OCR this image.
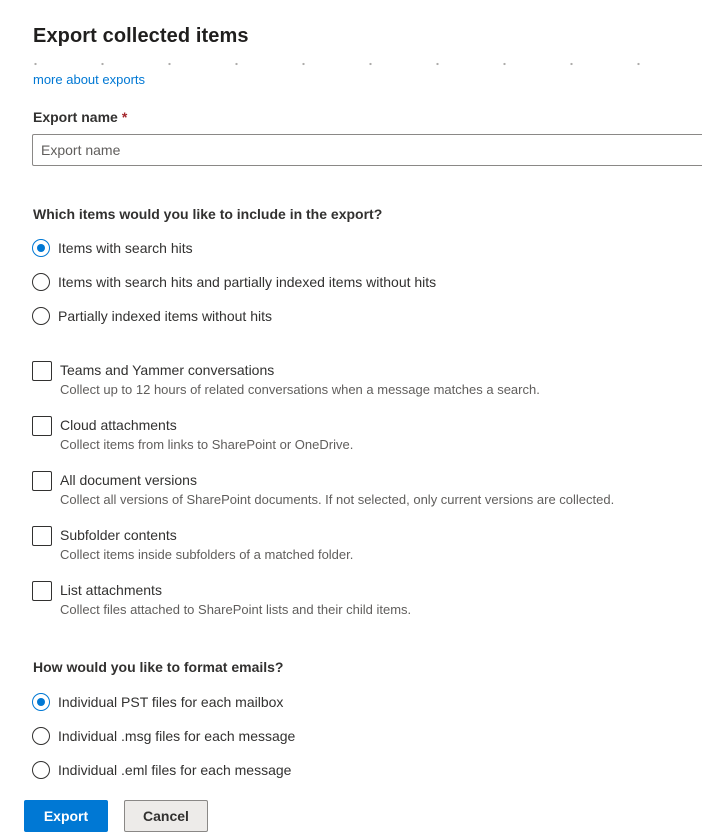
Export collected items
more about exports
Export name *
Export name
Which items would you like to include in the export?
Items with search hits
Items with search hits and partially indexed items without hits
Partially indexed items without hits
Teams and Yammer conversations
Collect up to 12 hours of related conversations when a message matches a search.
Cloud attachments
Collect items from links to SharePoint or OneDrive.
All document versions
Collect all versions of SharePoint documents. If not selected, only current versions are collected.
Subfolder contents
Collect items inside subfolders of a matched folder.
List attachments
Collect files attached to SharePoint lists and their child items.
How would you like to format emails?
Individual PST files for each mailbox
Individual .msg files for each message
Individual .eml files for each message
Export	Cancel
